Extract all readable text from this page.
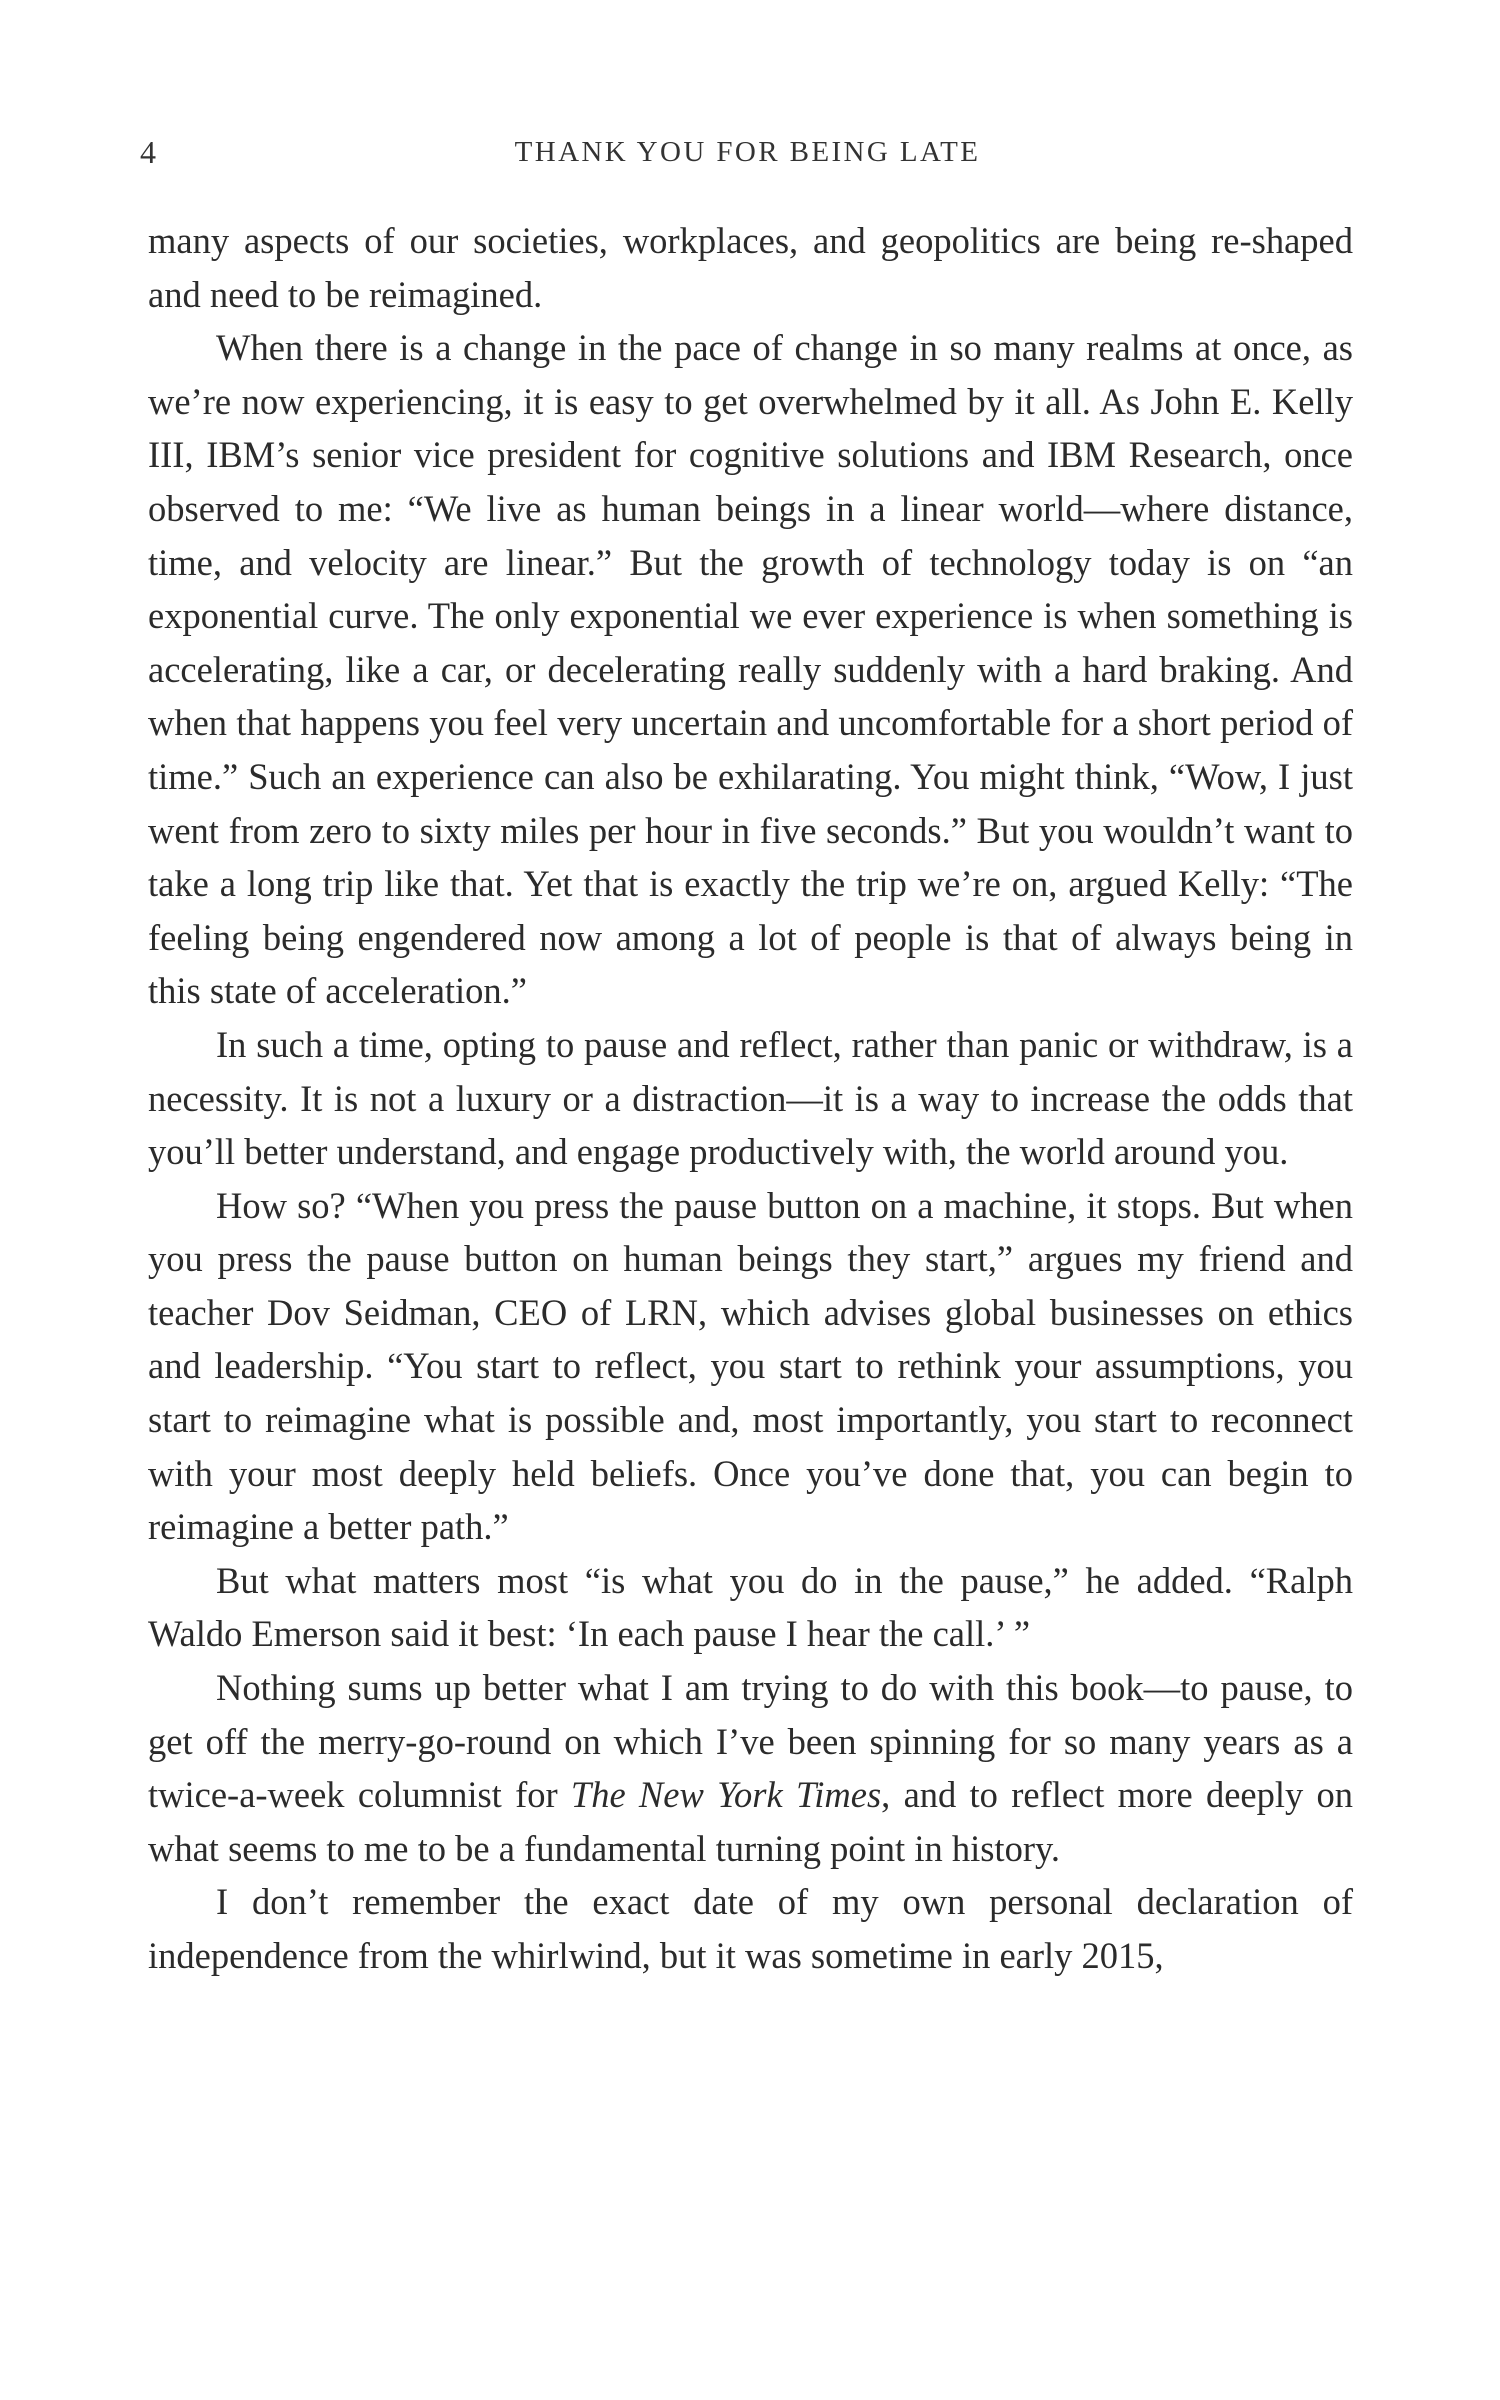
4	THANK YOU FOR BEING LATE

many aspects of our societies, workplaces, and geopolitics are being re-shaped and need to be reimagined.

When there is a change in the pace of change in so many realms at once, as we’re now experiencing, it is easy to get overwhelmed by it all. As John E. Kelly III, IBM’s senior vice president for cognitive solutions and IBM Research, once observed to me: “We live as human beings in a linear world—where distance, time, and velocity are linear.” But the growth of technology today is on “an exponential curve. The only exponential we ever experience is when something is accelerating, like a car, or decelerating really suddenly with a hard braking. And when that happens you feel very uncertain and uncomfortable for a short period of time.” Such an experience can also be exhilarating. You might think, “Wow, I just went from zero to sixty miles per hour in five seconds.” But you wouldn’t want to take a long trip like that. Yet that is exactly the trip we’re on, argued Kelly: “The feeling being engendered now among a lot of people is that of always being in this state of acceleration.”

In such a time, opting to pause and reflect, rather than panic or withdraw, is a necessity. It is not a luxury or a distraction—it is a way to increase the odds that you’ll better understand, and engage productively with, the world around you.

How so? “When you press the pause button on a machine, it stops. But when you press the pause button on human beings they start,” argues my friend and teacher Dov Seidman, CEO of LRN, which advises global businesses on ethics and leadership. “You start to reflect, you start to rethink your assumptions, you start to reimagine what is possible and, most importantly, you start to reconnect with your most deeply held beliefs. Once you’ve done that, you can begin to reimagine a better path.”

But what matters most “is what you do in the pause,” he added. “Ralph Waldo Emerson said it best: ‘In each pause I hear the call.’ ”

Nothing sums up better what I am trying to do with this book—to pause, to get off the merry-go-round on which I’ve been spinning for so many years as a twice-a-week columnist for The New York Times, and to reflect more deeply on what seems to me to be a fundamental turning point in history.

I don’t remember the exact date of my own personal declaration of independence from the whirlwind, but it was sometime in early 2015,
